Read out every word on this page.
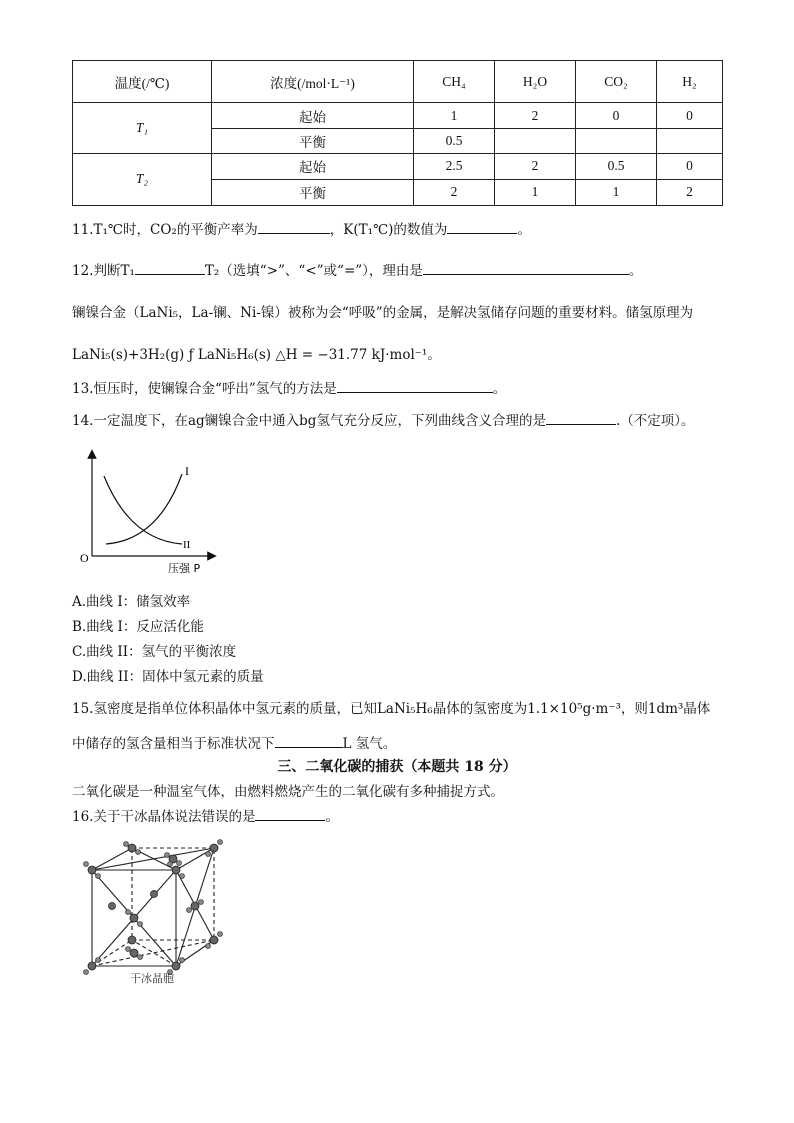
温度(/℃)	浓度(/mol·L⁻¹)	CH₄	H₂O	CO₂	H₂
T₁	起始	1	2	0	0
	平衡	0.5			
T₂	起始	2.5	2	0.5	0
	平衡	2	1	1	2
11.T₁℃时，CO₂的平衡产率为	，K(T₁℃)的数值为	。
12.判断T₁	T₂（选填“>”、“<”或“=”），理由是	。
镧镍合金（LaNi₅，La-镧、Ni-镍）被称为会“呼吸”的金属，是解决氢储存问题的重要材料。储氢原理为
LaNi₅(s)+3H₂(g) ƒ LaNi₅H₆(s) △H = −31.77 kJ·mol⁻¹。
13.恒压时，使镧镍合金“呼出”氢气的方法是	。
14.一定温度下，在ag镧镍合金中通入bg氢气充分反应，下列曲线含义合理的是	.（不定项）。
O
I
II
压强 P
A.曲线 I：储氢效率
B.曲线 I：反应活化能
C.曲线 II：氢气的平衡浓度
D.曲线 II：固体中氢元素的质量
15.氢密度是指单位体积晶体中氢元素的质量，已知LaNi₅H₆晶体的氢密度为1.1×10⁵g·m⁻³，则1dm³晶体
中储存的氢含量相当于标准状况下	L 氢气。
三、二氧化碳的捕获（本题共 18 分）
二氧化碳是一种温室气体，由燃料燃烧产生的二氧化碳有多种捕捉方式。
16.关于干冰晶体说法错误的是	。
干冰晶胞
